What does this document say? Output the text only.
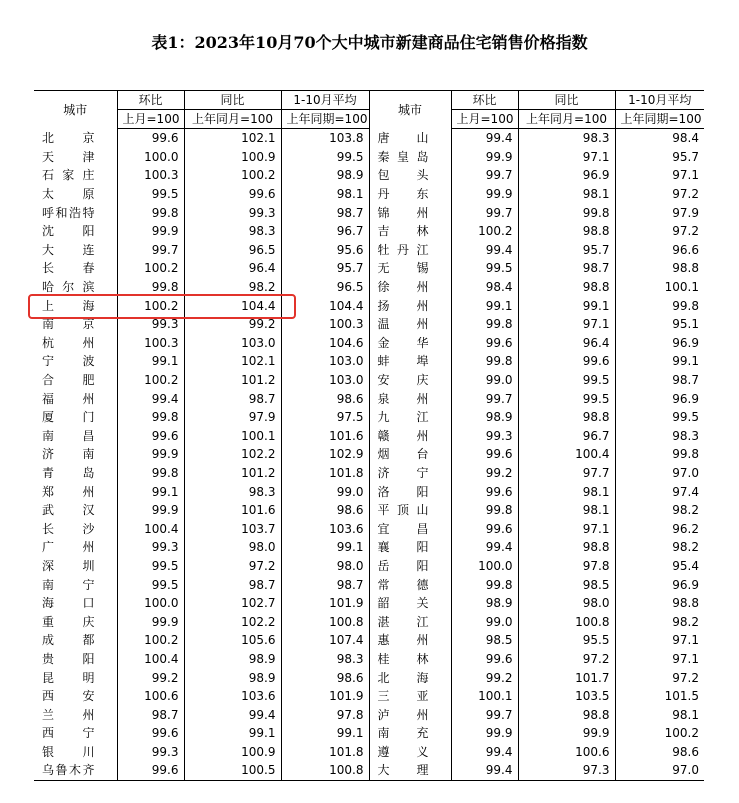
表1：2023年10月70个大中城市新建商品住宅销售价格指数
城市	环比	同比	1-10月平均	城市	环比	同比	1-10月平均
	上月=100	上年同月=100	上年同期=100		上月=100	上年同月=100	上年同期=100
北京	99.6	102.1	103.8	唐山	99.4	98.3	98.4
天津	100.0	100.9	99.5	秦皇岛	99.9	97.1	95.7
石家庄	100.3	100.2	98.9	包头	99.7	96.9	97.1
太原	99.5	99.6	98.1	丹东	99.9	98.1	97.2
呼和浩特	99.8	99.3	98.7	锦州	99.7	99.8	97.9
沈阳	99.9	98.3	96.7	吉林	100.2	98.8	97.2
大连	99.7	96.5	95.6	牡丹江	99.4	95.7	96.6
长春	100.2	96.4	95.7	无锡	99.5	98.7	98.8
哈尔滨	99.8	98.2	96.5	徐州	98.4	98.8	100.1
上海	100.2	104.4	104.4	扬州	99.1	99.1	99.8
南京	99.3	99.2	100.3	温州	99.8	97.1	95.1
杭州	100.3	103.0	104.6	金华	99.6	96.4	96.9
宁波	99.1	102.1	103.0	蚌埠	99.8	99.6	99.1
合肥	100.2	101.2	103.0	安庆	99.0	99.5	98.7
福州	99.4	98.7	98.6	泉州	99.7	99.5	96.9
厦门	99.8	97.9	97.5	九江	98.9	98.8	99.5
南昌	99.6	100.1	101.6	赣州	99.3	96.7	98.3
济南	99.9	102.2	102.9	烟台	99.6	100.4	99.8
青岛	99.8	101.2	101.8	济宁	99.2	97.7	97.0
郑州	99.1	98.3	99.0	洛阳	99.6	98.1	97.4
武汉	99.9	101.6	98.6	平顶山	99.8	98.1	98.2
长沙	100.4	103.7	103.6	宜昌	99.6	97.1	96.2
广州	99.3	98.0	99.1	襄阳	99.4	98.8	98.2
深圳	99.5	97.2	98.0	岳阳	100.0	97.8	95.4
南宁	99.5	98.7	98.7	常德	99.8	98.5	96.9
海口	100.0	102.7	101.9	韶关	98.9	98.0	98.8
重庆	99.9	102.2	100.8	湛江	99.0	100.8	98.2
成都	100.2	105.6	107.4	惠州	98.5	95.5	97.1
贵阳	100.4	98.9	98.3	桂林	99.6	97.2	97.1
昆明	99.2	98.9	98.6	北海	99.2	101.7	97.2
西安	100.6	103.6	101.9	三亚	100.1	103.5	101.5
兰州	98.7	99.4	97.8	泸州	99.7	98.8	98.1
西宁	99.6	99.1	99.1	南充	99.9	99.9	100.2
银川	99.3	100.9	101.8	遵义	99.4	100.6	98.6
乌鲁木齐	99.6	100.5	100.8	大理	99.4	97.3	97.0
